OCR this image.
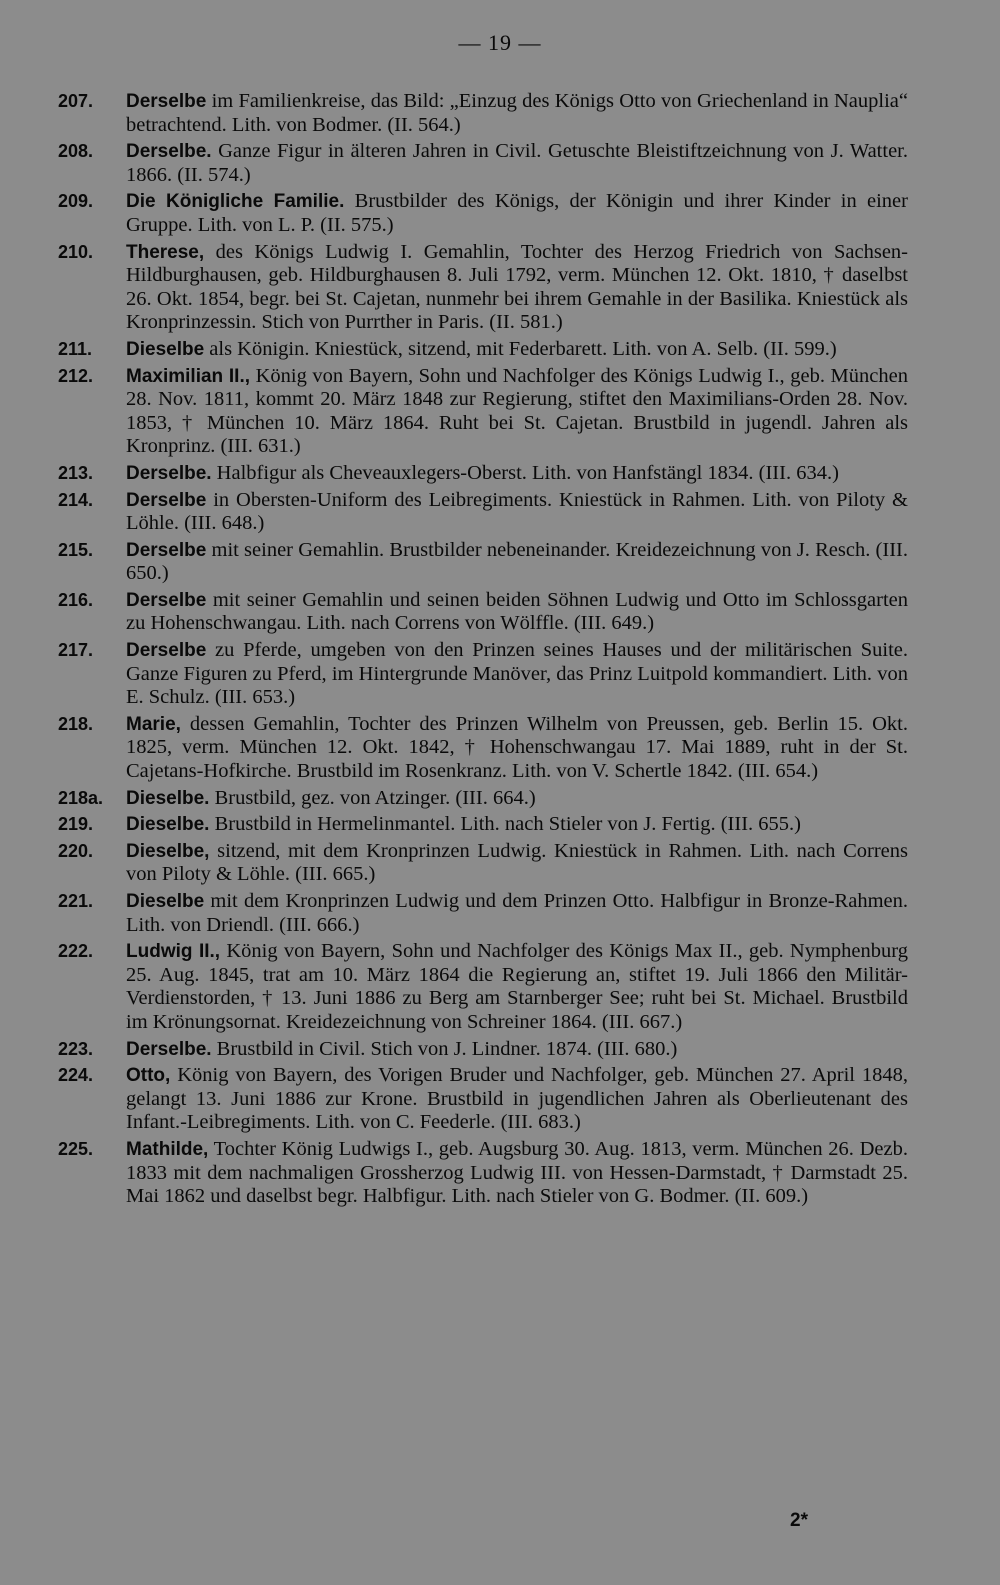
— 19 —
207. Derselbe im Familienkreise, das Bild: „Einzug des Königs Otto von Griechenland in Nauplia“ betrachtend. Lith. von Bodmer. (II. 564.)
208. Derselbe. Ganze Figur in älteren Jahren in Civil. Getuschte Bleistiftzeichnung von J. Watter. 1866. (II. 574.)
209. Die Königliche Familie. Brustbilder des Königs, der Königin und ihrer Kinder in einer Gruppe. Lith. von L. P. (II. 575.)
210. Therese, des Königs Ludwig I. Gemahlin, Tochter des Herzog Friedrich von Sachsen-Hildburghausen, geb. Hildburghausen 8. Juli 1792, verm. München 12. Okt. 1810, † daselbst 26. Okt. 1854, begr. bei St. Cajetan, nunmehr bei ihrem Gemahle in der Basilika. Kniestück als Kronprinzessin. Stich von Purrther in Paris. (II. 581.)
211. Dieselbe als Königin. Kniestück, sitzend, mit Federbarett. Lith. von A. Selb. (II. 599.)
212. Maximilian II., König von Bayern, Sohn und Nachfolger des Königs Ludwig I., geb. München 28. Nov. 1811, kommt 20. März 1848 zur Regierung, stiftet den Maximilians-Orden 28. Nov. 1853, † München 10. März 1864. Ruht bei St. Cajetan. Brustbild in jugendl. Jahren als Kronprinz. (III. 631.)
213. Derselbe. Halbfigur als Cheveauxlegers-Oberst. Lith. von Hanfstängl 1834. (III. 634.)
214. Derselbe in Obersten-Uniform des Leibregiments. Kniestück in Rahmen. Lith. von Piloty & Löhle. (III. 648.)
215. Derselbe mit seiner Gemahlin. Brustbilder nebeneinander. Kreidezeichnung von J. Resch. (III. 650.)
216. Derselbe mit seiner Gemahlin und seinen beiden Söhnen Ludwig und Otto im Schlossgarten zu Hohenschwangau. Lith. nach Correns von Wölffle. (III. 649.)
217. Derselbe zu Pferde, umgeben von den Prinzen seines Hauses und der militärischen Suite. Ganze Figuren zu Pferd, im Hintergrunde Manöver, das Prinz Luitpold kommandiert. Lith. von E. Schulz. (III. 653.)
218. Marie, dessen Gemahlin, Tochter des Prinzen Wilhelm von Preussen, geb. Berlin 15. Okt. 1825, verm. München 12. Okt. 1842, † Hohenschwangau 17. Mai 1889, ruht in der St. Cajetans-Hofkirche. Brustbild im Rosenkranz. Lith. von V. Schertle 1842. (III. 654.)
218a. Dieselbe. Brustbild, gez. von Atzinger. (III. 664.)
219. Dieselbe. Brustbild in Hermelinmantel. Lith. nach Stieler von J. Fertig. (III. 655.)
220. Dieselbe, sitzend, mit dem Kronprinzen Ludwig. Kniestück in Rahmen. Lith. nach Correns von Piloty & Löhle. (III. 665.)
221. Dieselbe mit dem Kronprinzen Ludwig und dem Prinzen Otto. Halbfigur in Bronze-Rahmen. Lith. von Driendl. (III. 666.)
222. Ludwig II., König von Bayern, Sohn und Nachfolger des Königs Max II., geb. Nymphenburg 25. Aug. 1845, trat am 10. März 1864 die Regierung an, stiftet 19. Juli 1866 den Militär-Verdienstorden, † 13. Juni 1886 zu Berg am Starnberger See; ruht bei St. Michael. Brustbild im Krönungsornat. Kreidezeichnung von Schreiner 1864. (III. 667.)
223. Derselbe. Brustbild in Civil. Stich von J. Lindner. 1874. (III. 680.)
224. Otto, König von Bayern, des Vorigen Bruder und Nachfolger, geb. München 27. April 1848, gelangt 13. Juni 1886 zur Krone. Brustbild in jugendlichen Jahren als Oberlieutenant des Infant.-Leibregiments. Lith. von C. Feederle. (III. 683.)
225. Mathilde, Tochter König Ludwigs I., geb. Augsburg 30. Aug. 1813, verm. München 26. Dezb. 1833 mit dem nachmaligen Grossherzog Ludwig III. von Hessen-Darmstadt, † Darmstadt 25. Mai 1862 und daselbst begr. Halbfigur. Lith. nach Stieler von G. Bodmer. (II. 609.)
2*
